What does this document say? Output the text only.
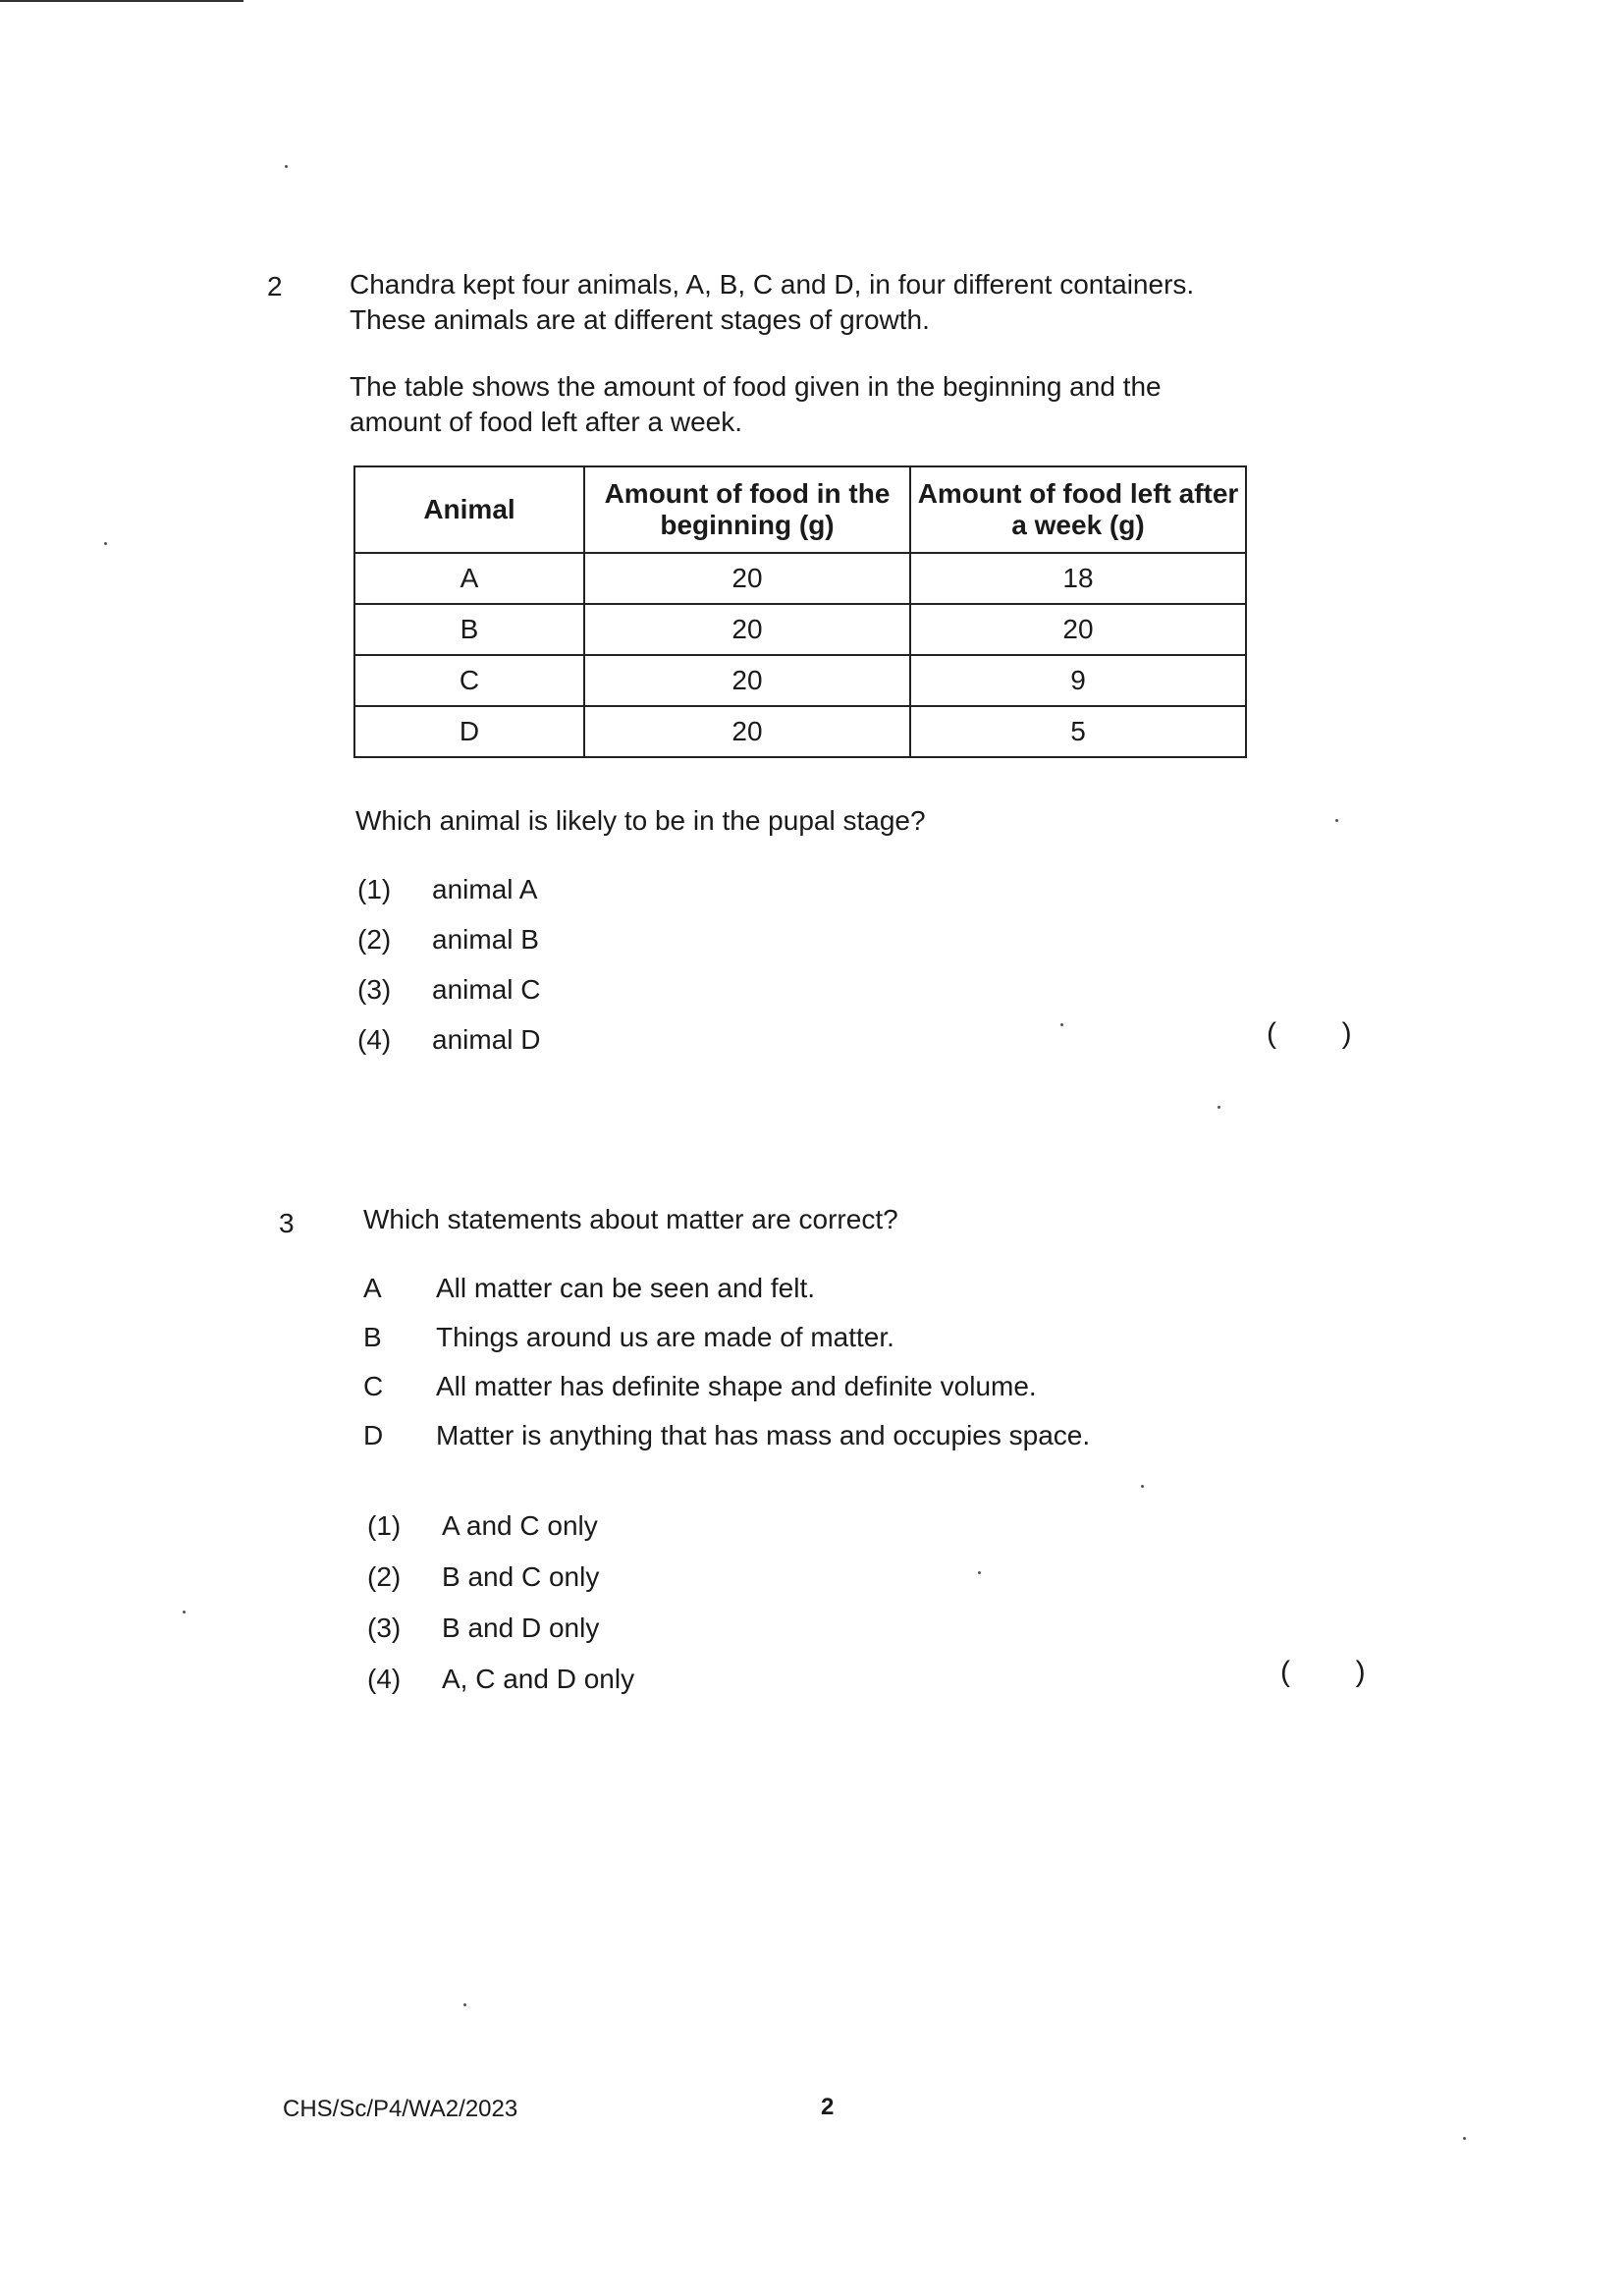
2 Chandra kept four animals, A, B, C and D, in four different containers.
These animals are at different stages of growth.
The table shows the amount of food given in the beginning and the
amount of food left after a week.
Animal	Amount of food in the beginning (g)	Amount of food left after a week (g)
A	20	18
B	20	20
C	20	9
D	20	5
Which animal is likely to be in the pupal stage?
(1) animal A
(2) animal B
(3) animal C
(4) animal D	(        )
3	Which statements about matter are correct?
A All matter can be seen and felt.
B Things around us are made of matter.
C All matter has definite shape and definite volume.
D Matter is anything that has mass and occupies space.
(1) A and C only
(2) B and C only
(3) B and D only
(4) A, C and D only	(        )
CHS/Sc/P4/WA2/2023	2
